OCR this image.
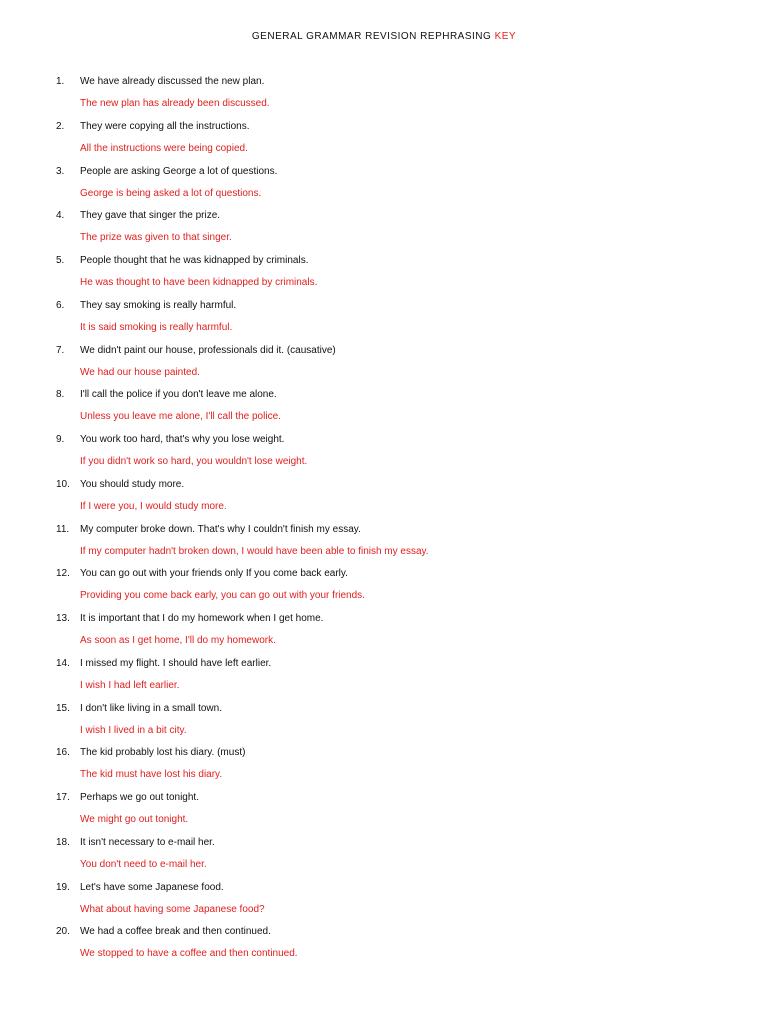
GENERAL GRAMMAR REVISION REPHRASING KEY
1.	We have already discussed the new plan.
The new plan has already been discussed.
2.	They were copying all the instructions.
All the instructions were being copied.
3.	People are asking George a lot of questions.
George is being asked a lot of questions.
4.	They gave that singer the prize.
The prize was given to that singer.
5.	People thought that he was kidnapped by criminals.
He was thought to have been kidnapped by criminals.
6.	They say smoking is really harmful.
It is said smoking is really harmful.
7.	We didn't paint our house, professionals did it. (causative)
We had our house painted.
8.	I'll call the police if you don't leave me alone.
Unless you leave me alone, I'll call the police.
9.	You work too hard, that's why you lose weight.
If you didn't work so hard, you wouldn't lose weight.
10.	You should study more.
If I were you, I would study more.
11.	My computer broke down. That's why I couldn't finish my essay.
If my computer hadn't broken down, I would have been able to finish my essay.
12.	You can go out with your friends only If you come back early.
Providing you come back early, you can go out with your friends.
13.	It is important that I do my homework when I get home.
As soon as I get home, I'll do my homework.
14.	I missed my flight. I should have left earlier.
I wish I had left earlier.
15.	I don't like living in a small town.
I wish I lived in a bit city.
16.	The kid probably lost his diary. (must)
The kid must have lost his diary.
17.	Perhaps we go out tonight.
We might go out tonight.
18.	It isn't necessary to e-mail her.
You don't need to e-mail her.
19.	Let's have some Japanese food.
What about having some Japanese food?
20.	We had a coffee break and then continued.
We stopped to have a coffee and then continued.
